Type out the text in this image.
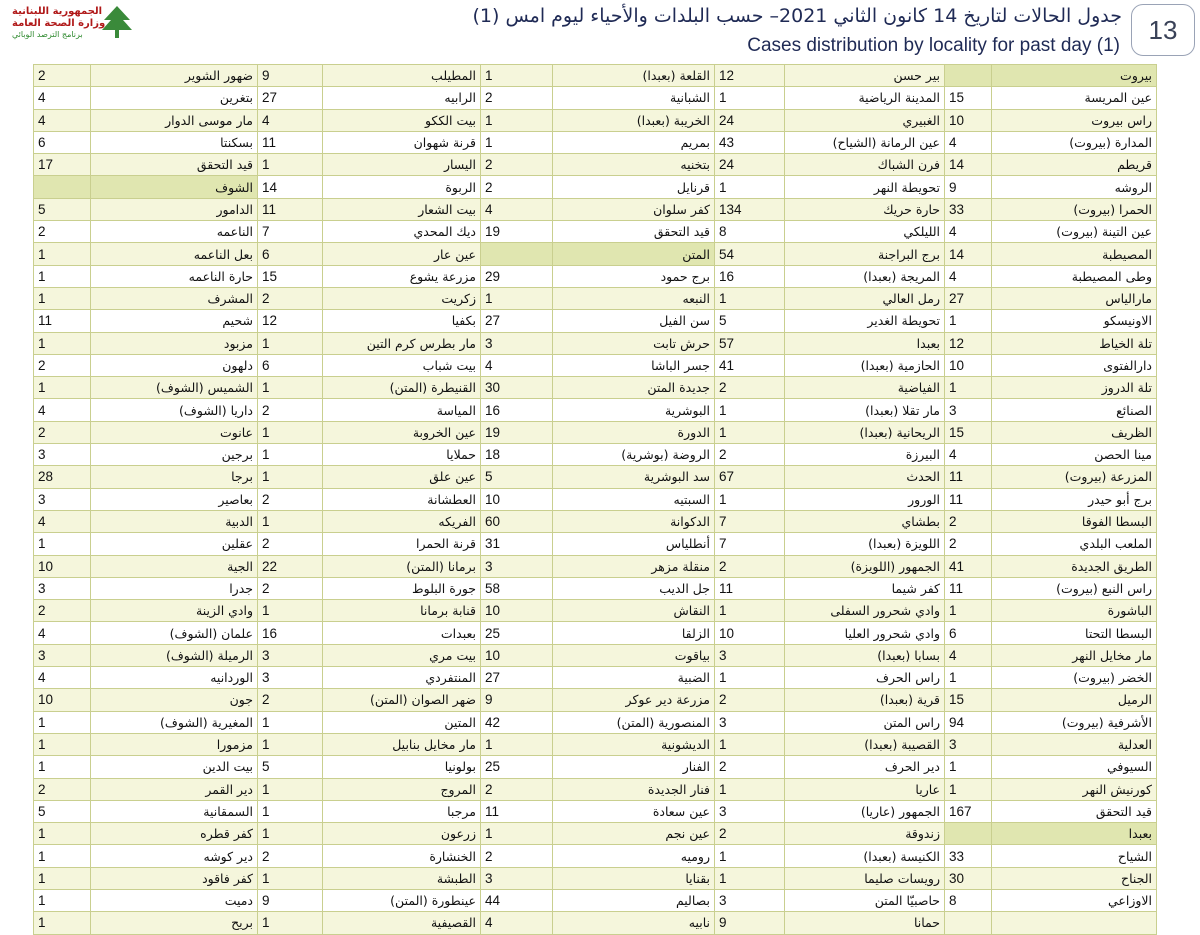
الجمهورية اللبنانية
وزارة الصحة العامة
برنامج الترصد الوبائي
جدول الحالات لتاريخ 14 كانون الثاني 2021– حسب البلدات والأحياء ليوم امس (1)
Cases distribution by locality for past day (1)
13
2	ضهور الشوير	9	المطيلب	1	القلعة (بعبدا)	12	بير حسن		بيروت
4	بتغرين	27	الرابيه	2	الشبانية	1	المدينة الرياضية	15	عين المريسة
4	مار موسى الدوار	4	بيت الككو	1	الخريبة (بعبدا)	24	الغبيري	10	راس بيروت
6	بسكنتا	11	قرنة شهوان	1	بمريم	43	عين الرمانة (الشياح)	4	المدارة (بيروت)
17	قيد التحقق	1	اليسار	2	بتخنيه	24	فرن الشباك	14	قريطم
	الشوف	14	الربوة	2	قرنايل	1	تحويطة النهر	9	الروشه
5	الدامور	11	بيت الشعار	4	كفر سلوان	134	حارة حريك	33	الحمرا (بيروت)
2	الناعمه	7	ديك المحدي	19	قيد التحقق	8	الليلكي	4	عين التينة (بيروت)
1	بعل الناعمه	6	عين عار		المتن	54	برج البراجنة	14	المصيطبة
1	حارة الناعمه	15	مزرعة يشوع	29	برج حمود	16	المريجة (بعبدا)	4	وطى المصيطبة
1	المشرف	2	زكريت	1	النبعه	1	رمل العالي	27	مارالياس
11	شحيم	12	بكفيا	27	سن الفيل	5	تحويطة الغدير	1	الاونيسكو
1	مزبود	1	مار بطرس كرم التين	3	حرش تابت	57	بعبدا	12	تلة الخياط
2	دلهون	6	بيت شباب	4	جسر الباشا	41	الحازمية (بعبدا)	10	دارالفتوى
1	الشميس (الشوف)	1	القنيطرة (المتن)	30	جديدة المتن	2	الفياضية	1	تلة الدروز
4	داريا (الشوف)	2	المياسة	16	البوشرية	1	مار تقلا (بعبدا)	3	الصنائع
2	عانوت	1	عين الخروبة	19	الدورة	1	الريحانية (بعبدا)	15	الظريف
3	برجين	1	حملايا	18	الروضة (بوشرية)	2	البيرزة	4	مينا الحصن
28	برجا	1	عين علق	5	سد البوشرية	67	الحدث	11	المزرعة (بيروت)
3	بعاصير	2	العطشانة	10	السبتيه	1	الورور	11	برج أبو حيدر
4	الدبية	1	الفريكه	60	الدكوانة	7	بطشاي	2	البسطا الفوقا
1	عقلين	2	قرنة الحمرا	31	أنطلياس	7	اللويزة (بعبدا)	2	الملعب البلدي
10	الجية	22	برمانا (المتن)	3	منقلة مزهر	2	الجمهور (اللويزة)	41	الطريق الجديدة
3	جدرا	2	جورة البلوط	58	جل الديب	11	كفر شيما	11	راس النبع (بيروت)
2	وادي الزينة	1	قنابة برمانا	10	النقاش	1	وادي شحرور السفلى	1	الباشورة
4	علمان (الشوف)	16	بعبدات	25	الزلقا	10	وادي شحرور العليا	6	البسطا التحتا
3	الرميلة (الشوف)	3	بيت مري	10	بياقوت	3	بسابا (بعبدا)	4	مار مخايل النهر
4	الوردانيه	3	المنتفردي	27	الضبية	1	راس الحرف	1	الخضر (بيروت)
10	جون	2	ضهر الصوان (المتن)	9	مزرعة دير عوكر	2	قرية (بعبدا)	15	الرميل
1	المغيرية (الشوف)	1	المتين	42	المنصورية (المتن)	3	راس المتن	94	الأشرفية (بيروت)
1	مزمورا	1	مار مخايل بنابيل	1	الديشونية	1	القصيبة (بعبدا)	3	العدلية
1	بيت الدين	5	بولونيا	25	الفنار	2	دير الحرف	1	السيوفي
2	دير القمر	1	المروج	2	فنار الجديدة	1	عاريا	1	كورنيش النهر
5	السمقانية	1	مرجبا	11	عين سعادة	3	الجمهور (عاريا)	167	قيد التحقق
1	كفر قطره	1	زرعون	1	عين نجم	2	زندوقة		بعبدا
1	دير كوشه	2	الخنشارة	2	روميه	1	الكنيسة (بعبدا)	33	الشياح
1	كفر فاقود	1	الطبشة	3	بقنايا	1	رويسات صليما	30	الجناح
1	دميت	9	عينطورة (المتن)	44	بصاليم	3	حاصبيّا المتن	8	الاوزاعي
1	بريح	1	القصيفية	4	نابيه	9	حمانا		
